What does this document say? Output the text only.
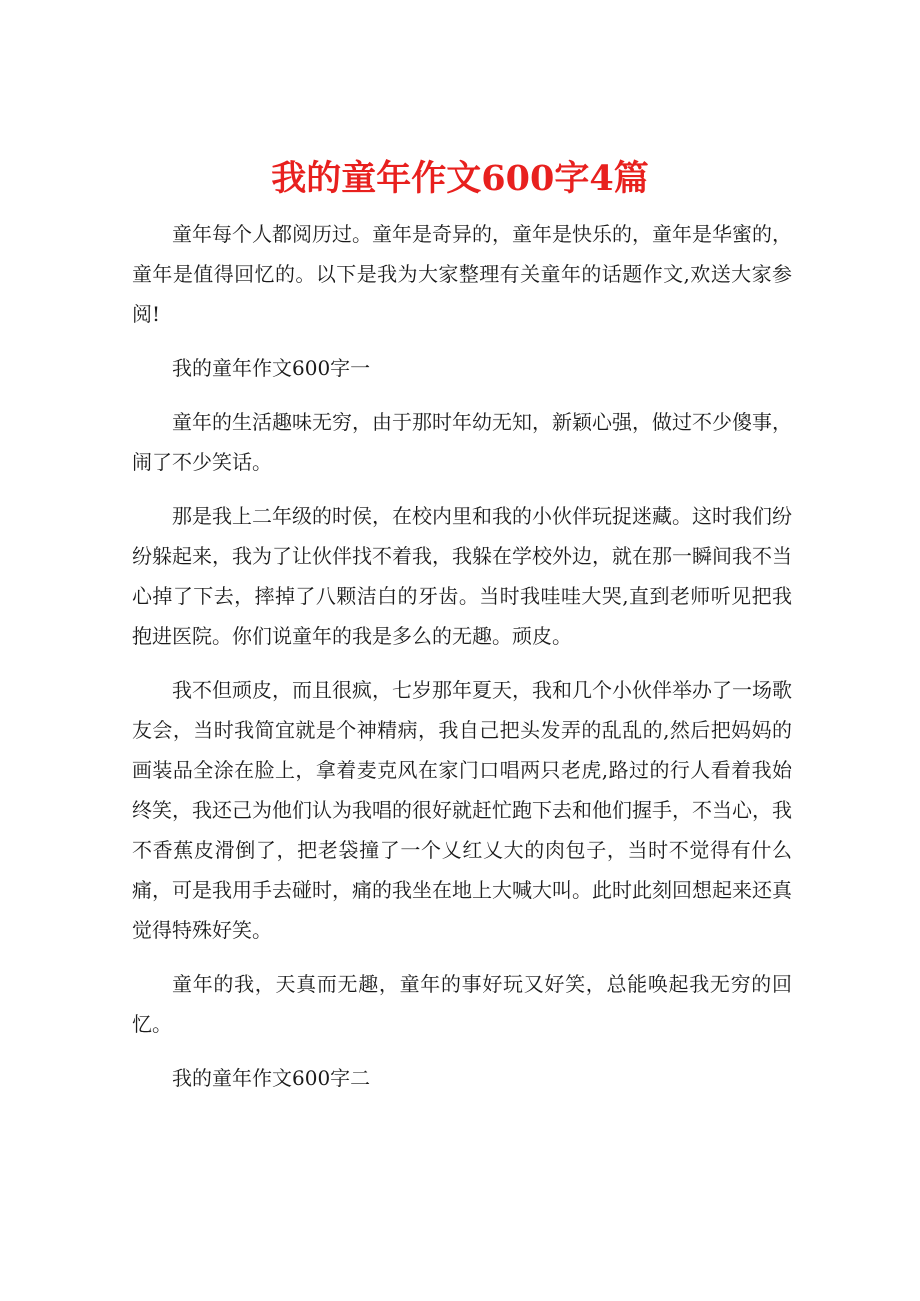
我的童年作文600字4篇

童年每个人都阅历过。童年是奇异的，童年是快乐的，童年是华蜜的，童年是值得回忆的。以下是我为大家整理有关童年的话题作文,欢送大家参阅!

我的童年作文600字一

童年的生活趣味无穷，由于那时年幼无知，新颖心强，做过不少傻事，闹了不少笑话。

那是我上二年级的时侯，在校内里和我的小伙伴玩捉迷藏。这时我们纷纷躲起来，我为了让伙伴找不着我，我躲在学校外边，就在那一瞬间我不当心掉了下去，摔掉了八颗洁白的牙齿。当时我哇哇大哭,直到老师听见把我抱进医院。你们说童年的我是多么的无趣。顽皮。

我不但顽皮，而且很疯，七岁那年夏天，我和几个小伙伴举办了一场歌友会，当时我简宜就是个神精病，我自己把头发弄的乱乱的,然后把妈妈的画装品全涂在脸上，拿着麦克风在家门口唱两只老虎,路过的行人看着我始终笑，我还己为他们认为我唱的很好就赶忙跑下去和他们握手，不当心，我不香蕉皮滑倒了，把老袋撞了一个乂红乂大的肉包子，当时不觉得有什么痛，可是我用手去碰时，痛的我坐在地上大喊大叫。此时此刻回想起来还真觉得特殊好笑。

童年的我，天真而无趣，童年的事好玩又好笑，总能唤起我无穷的回忆。

我的童年作文600字二
